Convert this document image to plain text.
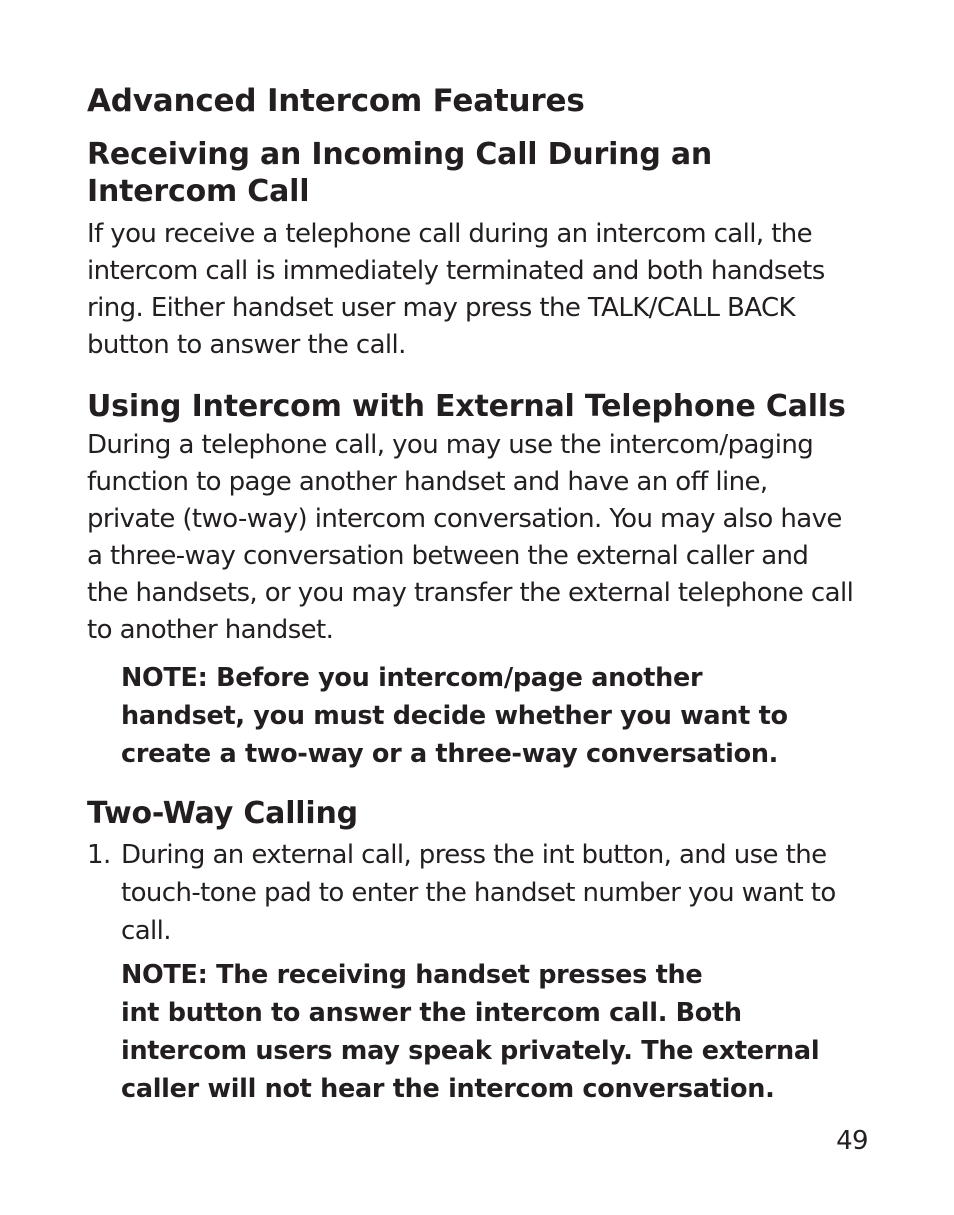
Advanced Intercom Features
Receiving an Incoming Call During an
Intercom Call

If you receive a telephone call during an intercom call, the

intercom call is immediately terminated and both handsets

ring. Either handset user may press the TALK/CALL BACK

button to answer the call.

Using Intercom with External Telephone Calls

During a telephone call, you may use the intercom/paging

function to page another handset and have an off line,

private (two-way) intercom conversation. You may also have

a three-way conversation between the external caller and

the handsets, or you may transfer the external telephone call

to another handset.

NOTE: Before you intercom/page another

handset, you must decide whether you want to

create a two-way or a three-way conversation.

Two-Way Calling
1. During an external call, press the int button, and use the
touch-tone pad to enter the handset number you want to
call.

NOTE: The receiving handset presses the

int button to answer the intercom call. Both

intercom users may speak privately. The external

caller will not hear the intercom conversation.

49
